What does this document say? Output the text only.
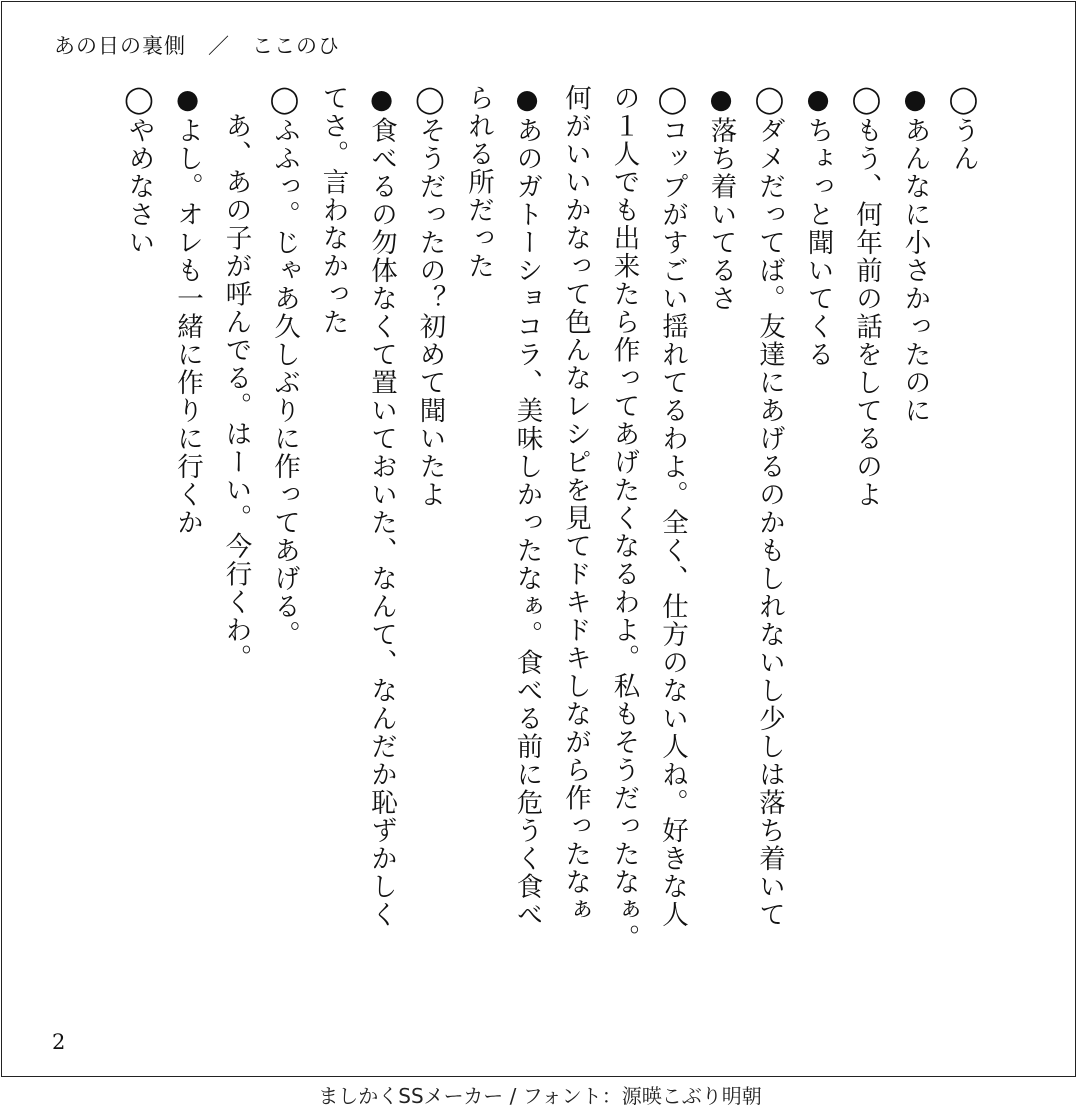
あの日の裏側　 ／　 ここのひ
◯うん
●あんなに小さかったのに
◯もう、何年前の話をしてるのよ
●ちょっと聞いてくる
◯ダメだってば。友達にあげるのかもしれないし少しは落ち着いて
●落ち着いてるさ
◯コップがすごい揺れてるわよ。全く、仕方のない人ね。好きな人
の１人でも出来たら作ってあげたくなるわよ。私もそうだったなぁ。
何がいいかなって色んなレシピを見てドキドキしながら作ったなぁ
●あのガトーショコラ、美味しかったなぁ。食べる前に危うく食べ
られる所だった
◯そうだったの？初めて聞いたよ
●食べるの勿体なくて置いておいた、なんて、なんだか恥ずかしく
てさ。言わなかった
◯ふふっ。じゃあ久しぶりに作ってあげる。
　あ、あの子が呼んでる。はーい。今行くわ。
●よし。オレも一緒に作りに行くか
◯やめなさい
2
ましかくSSメーカー / フォント：源暎こぶり明朝
